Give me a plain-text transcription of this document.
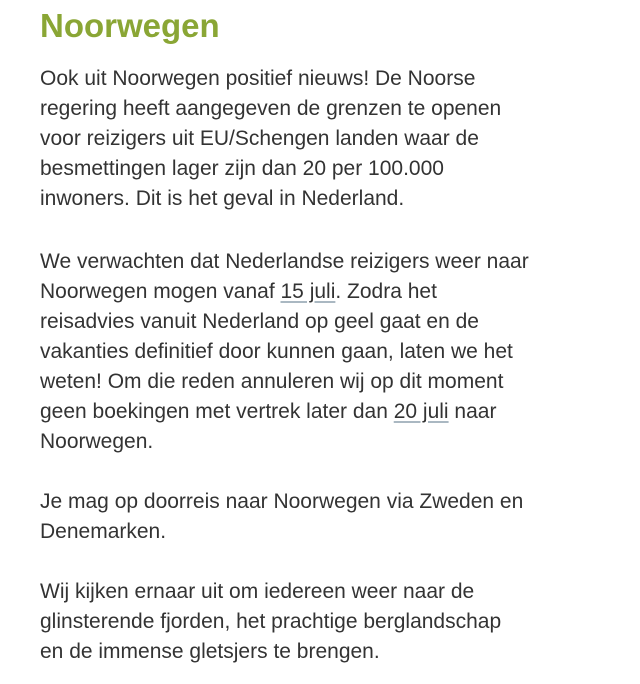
Noorwegen

Ook uit Noorwegen positief nieuws! De Noorse
regering heeft aangegeven de grenzen te openen
voor reizigers uit EU/Schengen landen waar de
besmettingen lager zijn dan 20 per 100.000
inwoners. Dit is het geval in Nederland.

We verwachten dat Nederlandse reizigers weer naar
Noorwegen mogen vanaf 15 juli. Zodra het
reisadvies vanuit Nederland op geel gaat en de
vakanties definitief door kunnen gaan, laten we het
weten! Om die reden annuleren wij op dit moment
geen boekingen met vertrek later dan 20 juli naar
Noorwegen.

Je mag op doorreis naar Noorwegen via Zweden en
Denemarken.

Wij kijken ernaar uit om iedereen weer naar de
glinsterende fjorden, het prachtige berglandschap
en de immense gletsjers te brengen.
